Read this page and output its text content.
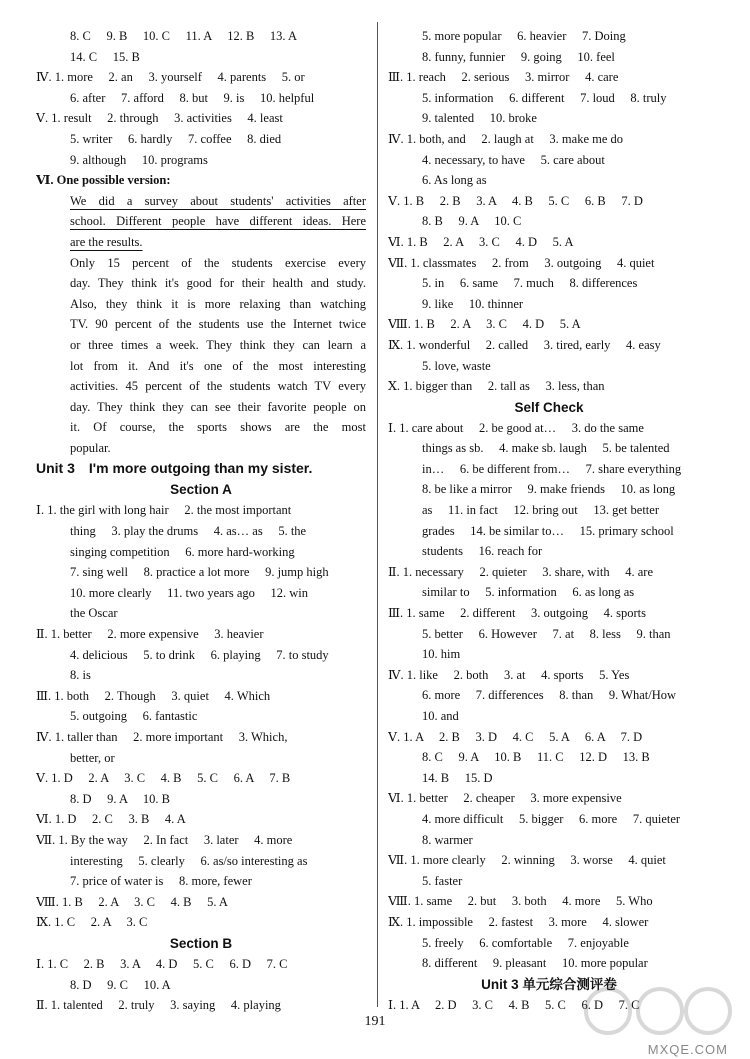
8. C　 9. B　 10. C　 11. A　 12. B　 13. A
14. C　 15. B
Ⅳ. 1. more　 2. an　 3. yourself　 4. parents　 5. or
6. after　 7. afford　 8. but　 9. is　 10. helpful
Ⅴ. 1. result　 2. through　 3. activities　 4. least
5. writer　 6. hardly　 7. coffee　 8. died
9. although　 10. programs
Ⅵ. One possible version:
We did a survey about students' activities after
school. Different people have different ideas. Here
are the results.
Only 15 percent of the students exercise every
day. They think it's good for their health and study.
Also, they think it is more relaxing than watching
TV. 90 percent of the students use the Internet twice
or three times a week. They think they can learn a
lot from it. And it's one of the most interesting
activities. 45 percent of the students watch TV every
day. They think they can see their favorite people on
it. Of course, the sports shows are the most
popular.
Unit 3　I'm more outgoing than my sister.
Section A
Ⅰ. 1. the girl with long hair　 2. the most important
thing　 3. play the drums　 4. as… as　 5. the
singing competition　 6. more hard-working
7. sing well　 8. practice a lot more　 9. jump high
10. more clearly　 11. two years ago　 12. win
the Oscar
Ⅱ. 1. better　 2. more expensive　 3. heavier
4. delicious　 5. to drink　 6. playing　 7. to study
8. is
Ⅲ. 1. both　 2. Though　 3. quiet　 4. Which
5. outgoing　 6. fantastic
Ⅳ. 1. taller than　 2. more important　 3. Which,
better, or
Ⅴ. 1. D　 2. A　 3. C　 4. B　 5. C　 6. A　 7. B
8. D　 9. A　 10. B
Ⅵ. 1. D　 2. C　 3. B　 4. A
Ⅶ. 1. By the way　 2. In fact　 3. later　 4. more
interesting　 5. clearly　 6. as/so interesting as
7. price of water is　 8. more, fewer
Ⅷ. 1. B　 2. A　 3. C　 4. B　 5. A
Ⅸ. 1. C　 2. A　 3. C
Section B
Ⅰ. 1. C　 2. B　 3. A　 4. D　 5. C　 6. D　 7. C
8. D　 9. C　 10. A
Ⅱ. 1. talented　 2. truly　 3. saying　 4. playing
5. more popular　 6. heavier　 7. Doing
8. funny, funnier　 9. going　 10. feel
Ⅲ. 1. reach　 2. serious　 3. mirror　 4. care
5. information　 6. different　 7. loud　 8. truly
9. talented　 10. broke
Ⅳ. 1. both, and　 2. laugh at　 3. make me do
4. necessary, to have　 5. care about
6. As long as
Ⅴ. 1. B　 2. B　 3. A　 4. B　 5. C　 6. B　 7. D
8. B　 9. A　 10. C
Ⅵ. 1. B　 2. A　 3. C　 4. D　 5. A
Ⅶ. 1. classmates　 2. from　 3. outgoing　 4. quiet
5. in　 6. same　 7. much　 8. differences
9. like　 10. thinner
Ⅷ. 1. B　 2. A　 3. C　 4. D　 5. A
Ⅸ. 1. wonderful　 2. called　 3. tired, early　 4. easy
5. love, waste
Ⅹ. 1. bigger than　 2. tall as　 3. less, than
Self Check
Ⅰ. 1. care about　 2. be good at…　 3. do the same
things as sb.　 4. make sb. laugh　 5. be talented
in…　 6. be different from…　 7. share everything
8. be like a mirror　 9. make friends　 10. as long
as　 11. in fact　 12. bring out　 13. get better
grades　 14. be similar to…　 15. primary school
students　 16. reach for
Ⅱ. 1. necessary　 2. quieter　 3. share, with　 4. are
similar to　 5. information　 6. as long as
Ⅲ. 1. same　 2. different　 3. outgoing　 4. sports
5. better　 6. However　 7. at　 8. less　 9. than
10. him
Ⅳ. 1. like　 2. both　 3. at　 4. sports　 5. Yes
6. more　 7. differences　 8. than　 9. What/How
10. and
Ⅴ. 1. A　 2. B　 3. D　 4. C　 5. A　 6. A　 7. D
8. C　 9. A　 10. B　 11. C　 12. D　 13. B
14. B　 15. D
Ⅵ. 1. better　 2. cheaper　 3. more expensive
4. more difficult　 5. bigger　 6. more　 7. quieter
8. warmer
Ⅶ. 1. more clearly　 2. winning　 3. worse　 4. quiet
5. faster
Ⅷ. 1. same　 2. but　 3. both　 4. more　 5. Who
Ⅸ. 1. impossible　 2. fastest　 3. more　 4. slower
5. freely　 6. comfortable　 7. enjoyable
8. different　 9. pleasant　 10. more popular
Unit 3 单元综合测评卷
Ⅰ. 1. A　 2. D　 3. C　 4. B　 5. C　 6. D　 7. C
191
MXQE.COM
